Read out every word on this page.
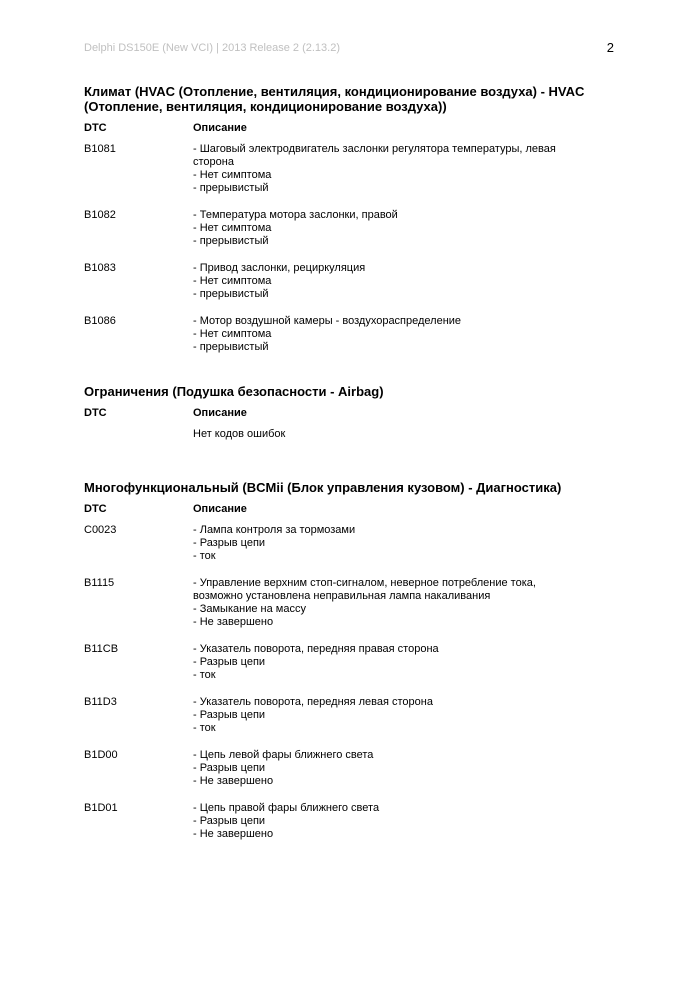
Delphi DS150E (New VCI) | 2013 Release 2 (2.13.2)	2
Климат (HVAC (Отопление, вентиляция, кондиционирование воздуха) - HVAC (Отопление, вентиляция, кондиционирование воздуха))
DTC	Описание
B1081	- Шаговый электродвигатель заслонки регулятора температуры, левая
сторона
- Нет симптома
- прерывистый
B1082	- Температура мотора заслонки, правой
- Нет симптома
- прерывистый
B1083	- Привод заслонки, рециркуляция
- Нет симптома
- прерывистый
B1086	- Мотор воздушной камеры - воздухораспределение
- Нет симптома
- прерывистый
Ограничения (Подушка безопасности - Airbag)
DTC	Описание
Нет кодов ошибок
Многофункциональный (BCMii (Блок управления кузовом) - Диагностика)
DTC	Описание
C0023	- Лампа контроля за тормозами
- Разрыв цепи
- ток
B1115	- Управление верхним стоп-сигналом, неверное потребление тока,
возможно установлена неправильная лампа накаливания
- Замыкание на массу
- Не завершено
B11CB	- Указатель поворота, передняя правая сторона
- Разрыв цепи
- ток
B11D3	- Указатель поворота, передняя левая сторона
- Разрыв цепи
- ток
B1D00	- Цепь левой фары ближнего света
- Разрыв цепи
- Не завершено
B1D01	- Цепь правой фары ближнего света
- Разрыв цепи
- Не завершено
